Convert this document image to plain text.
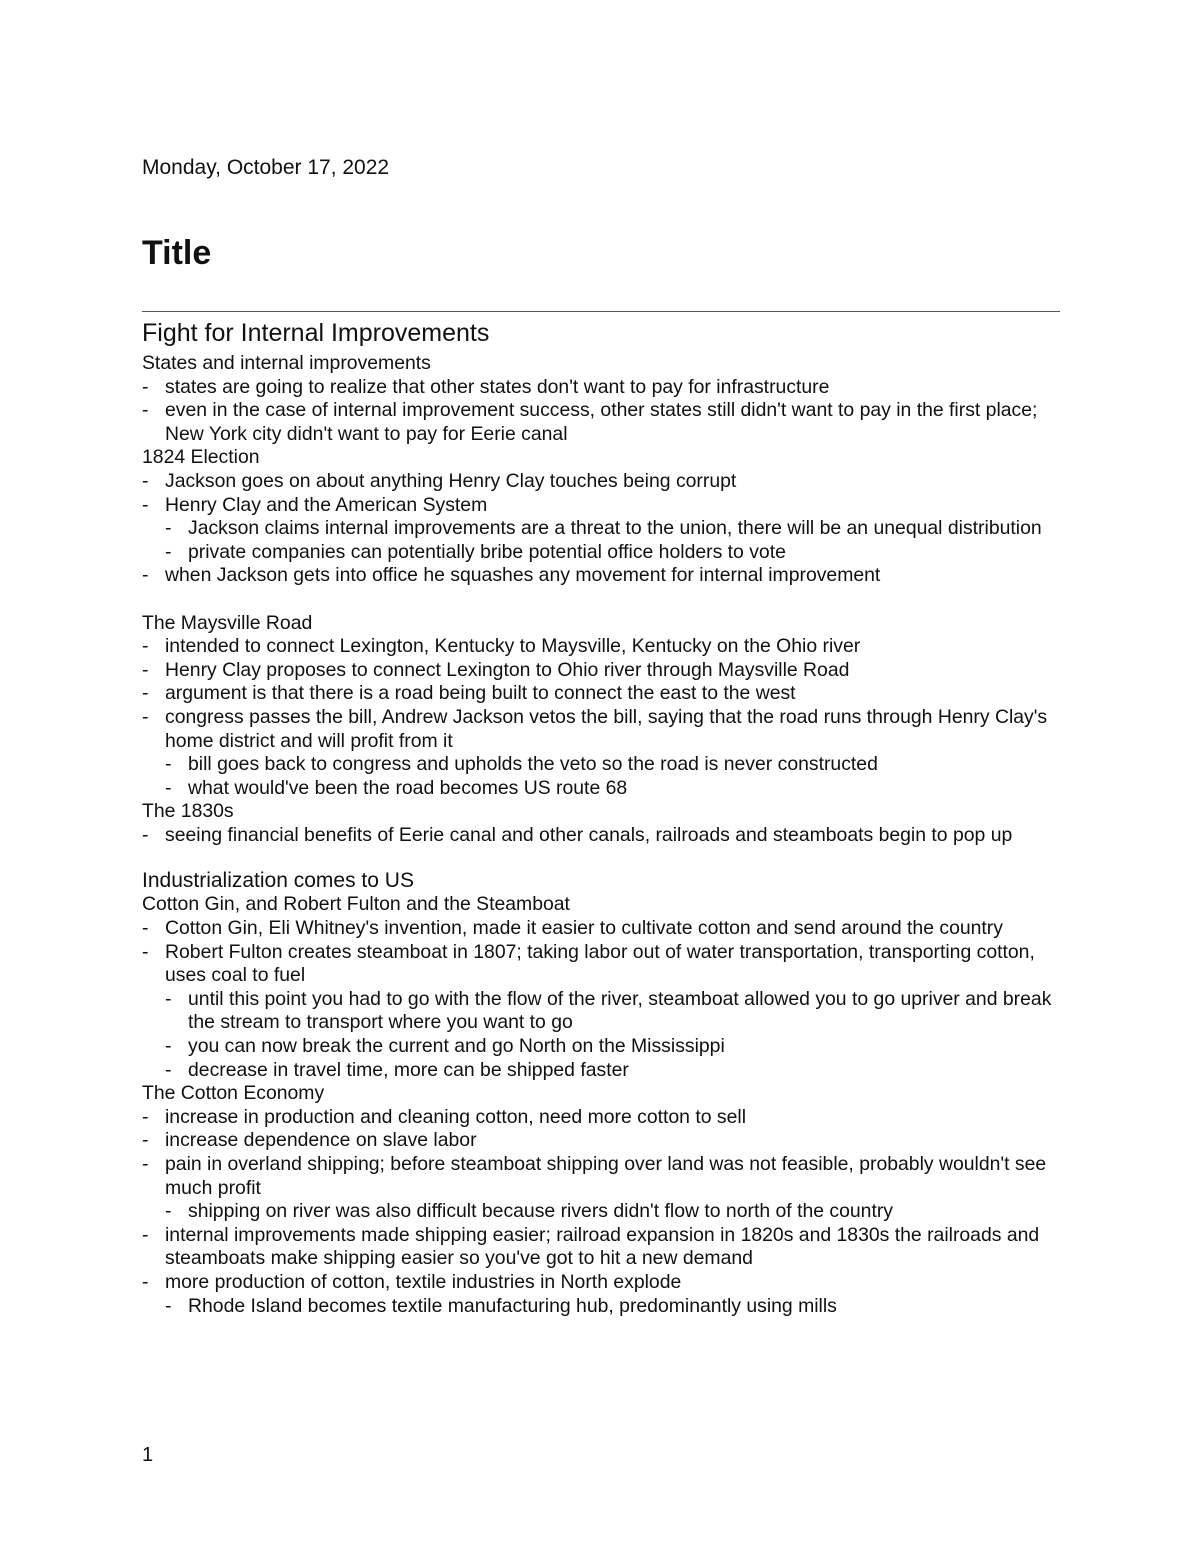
Monday, October 17, 2022

Title
Fight for Internal Improvements

States and internal improvements

- states are going to realize that other states don't want to pay for infrastructure
- even in the case of internal improvement success, other states still didn't want to pay in the first place; New York city didn't want to pay for Eerie canal

1824 Election

- Jackson goes on about anything Henry Clay touches being corrupt
- Henry Clay and the American System
- Jackson claims internal improvements are a threat to the union, there will be an unequal distribution
- private companies can potentially bribe potential office holders to vote
- when Jackson gets into office he squashes any movement for internal improvement

The Maysville Road

- intended to connect Lexington, Kentucky to Maysville, Kentucky on the Ohio river
- Henry Clay proposes to connect Lexington to Ohio river through Maysville Road
- argument is that there is a road being built to connect the east to the west
- congress passes the bill, Andrew Jackson vetos the bill, saying that the road runs through Henry Clay's home district and will profit from it
- bill goes back to congress and upholds the veto so the road is never constructed
- what would've been the road becomes US route 68

The 1830s

- seeing financial benefits of Eerie canal and other canals, railroads and steamboats begin to pop up
Industrialization comes to US

Cotton Gin, and Robert Fulton and the Steamboat

- Cotton Gin, Eli Whitney's invention, made it easier to cultivate cotton and send around the country
- Robert Fulton creates steamboat in 1807; taking labor out of water transportation, transporting cotton, uses coal to fuel
- until this point you had to go with the flow of the river, steamboat allowed you to go upriver and break the stream to transport where you want to go
- you can now break the current and go North on the Mississippi
- decrease in travel time, more can be shipped faster

The Cotton Economy

- increase in production and cleaning cotton, need more cotton to sell
- increase dependence on slave labor
- pain in overland shipping; before steamboat shipping over land was not feasible, probably wouldn't see much profit
- shipping on river was also difficult because rivers didn't flow to north of the country
- internal improvements made shipping easier; railroad expansion in 1820s and 1830s the railroads and steamboats make shipping easier so you've got to hit a new demand
- more production of cotton, textile industries in North explode
- Rhode Island becomes textile manufacturing hub, predominantly using mills

1
